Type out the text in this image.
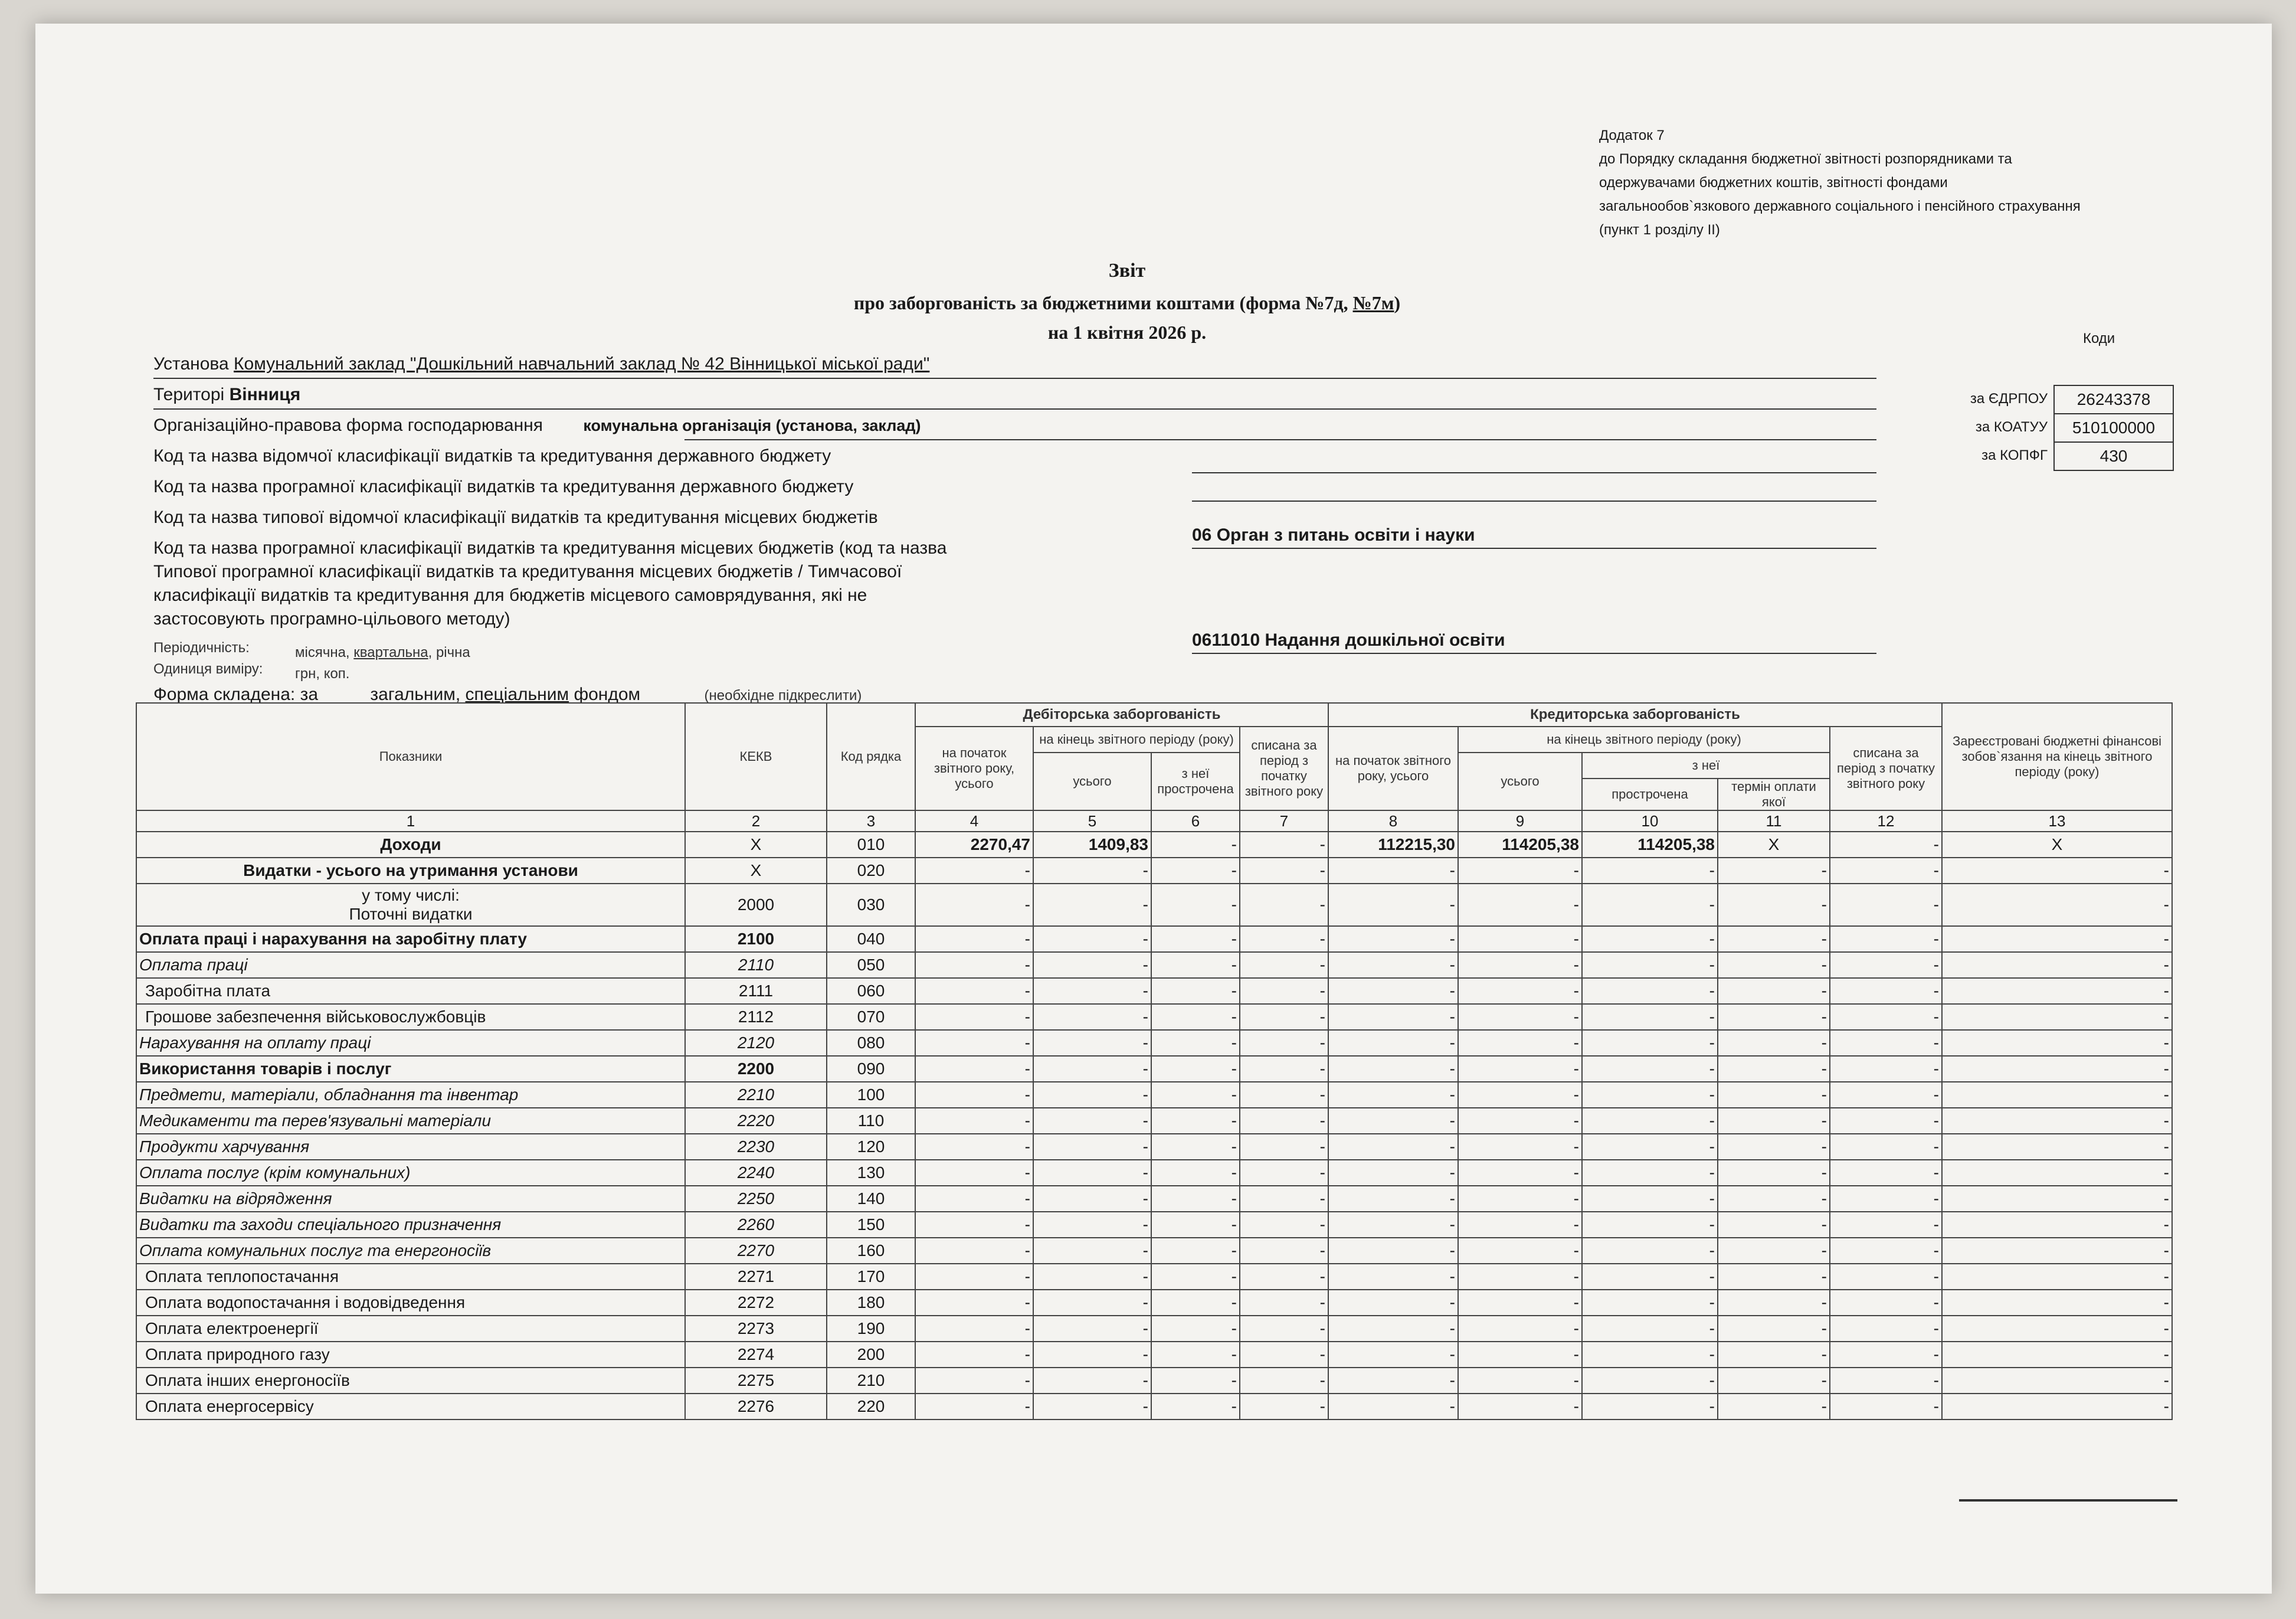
Додаток 7
до Порядку складання бюджетної звітності розпорядниками та
одержувачами бюджетних коштів, звітності фондами
загальнообов`язкового державного соціального і пенсійного страхування
(пункт 1 розділу ІІ)
Звіт
про заборгованість за бюджетними коштами (форма №7д, №7м)
на 1 квітня 2026 р.
Установа Комунальний заклад "Дошкільний навчальний заклад № 42 Вінницької міської ради"
Територі Вінниця
Організаційно-правова форма господарювання	комунальна організація (установа, заклад)
Код та назва відомчої класифікації видатків та кредитування державного бюджету
Код та назва програмної класифікації видатків та кредитування державного бюджету
Код та назва типової відомчої класифікації видатків та кредитування місцевих бюджетів
06 Орган з питань освіти і науки
Код та назва програмної класифікації видатків та кредитування місцевих бюджетів (код та назва
Типової програмної класифікації видатків та кредитування місцевих бюджетів / Тимчасової
класифікації видатків та кредитування для бюджетів місцевого самоврядування, які не
застосовують програмно-цільового методу)
0611010 Надання дошкільної освіти
Періодичність:	місячна, квартальна, річна
Одиниця виміру: грн, коп.
Форма складена: за	загальним, спеціальним фондом	(необхідне підкреслити)
Коди
за ЄДРПОУ	26243378
за КОАТУУ	510100000
за КОПФГ	430
Показники	КЕКВ	Код рядка	Дебіторська заборгованість				Кредиторська заборгованість					Зареєстровані бюджетні фінансові зобов`язання на кінець звітного періоду (року)
			на початок звітного року, усього	на кінець звітного періоду (року)		списана за період з початку звітного року	на початок звітного року, усього	на кінець звітного періоду (року)			списана за період з початку звітного року	
				усього	з неї прострочена			усього	з неї			
									прострочена	термін оплати якої		
1	2	3	4	5	6	7	8	9	10	11	12	13
Доходи	Х	010	2270,47	1409,83	-	-	112215,30	114205,38	114205,38	Х	-	Х
Видатки - усього на утримання установи	Х	020	-	-	-	-	-	-	-	-	-	-
у тому числі:
Поточні видатки	2000	030	-	-	-	-	-	-	-	-	-	-
Оплата праці і нарахування на заробітну плату	2100	040	-	-	-	-	-	-	-	-	-	-
Оплата праці	2110	050	-	-	-	-	-	-	-	-	-	-
Заробітна плата	2111	060	-	-	-	-	-	-	-	-	-	-
Грошове забезпечення військовослужбовців	2112	070	-	-	-	-	-	-	-	-	-	-
Нарахування на оплату праці	2120	080	-	-	-	-	-	-	-	-	-	-
Використання товарів і послуг	2200	090	-	-	-	-	-	-	-	-	-	-
Предмети, матеріали, обладнання та інвентар	2210	100	-	-	-	-	-	-	-	-	-	-
Медикаменти та перев'язувальні матеріали	2220	110	-	-	-	-	-	-	-	-	-	-
Продукти харчування	2230	120	-	-	-	-	-	-	-	-	-	-
Оплата послуг (крім комунальних)	2240	130	-	-	-	-	-	-	-	-	-	-
Видатки на відрядження	2250	140	-	-	-	-	-	-	-	-	-	-
Видатки та заходи спеціального призначення	2260	150	-	-	-	-	-	-	-	-	-	-
Оплата комунальних послуг та енергоносіїв	2270	160	-	-	-	-	-	-	-	-	-	-
Оплата теплопостачання	2271	170	-	-	-	-	-	-	-	-	-	-
Оплата водопостачання і водовідведення	2272	180	-	-	-	-	-	-	-	-	-	-
Оплата електроенергії	2273	190	-	-	-	-	-	-	-	-	-	-
Оплата природного газу	2274	200	-	-	-	-	-	-	-	-	-	-
Оплата інших енергоносіїв	2275	210	-	-	-	-	-	-	-	-	-	-
Оплата енергосервісу	2276	220	-	-	-	-	-	-	-	-	-	-
